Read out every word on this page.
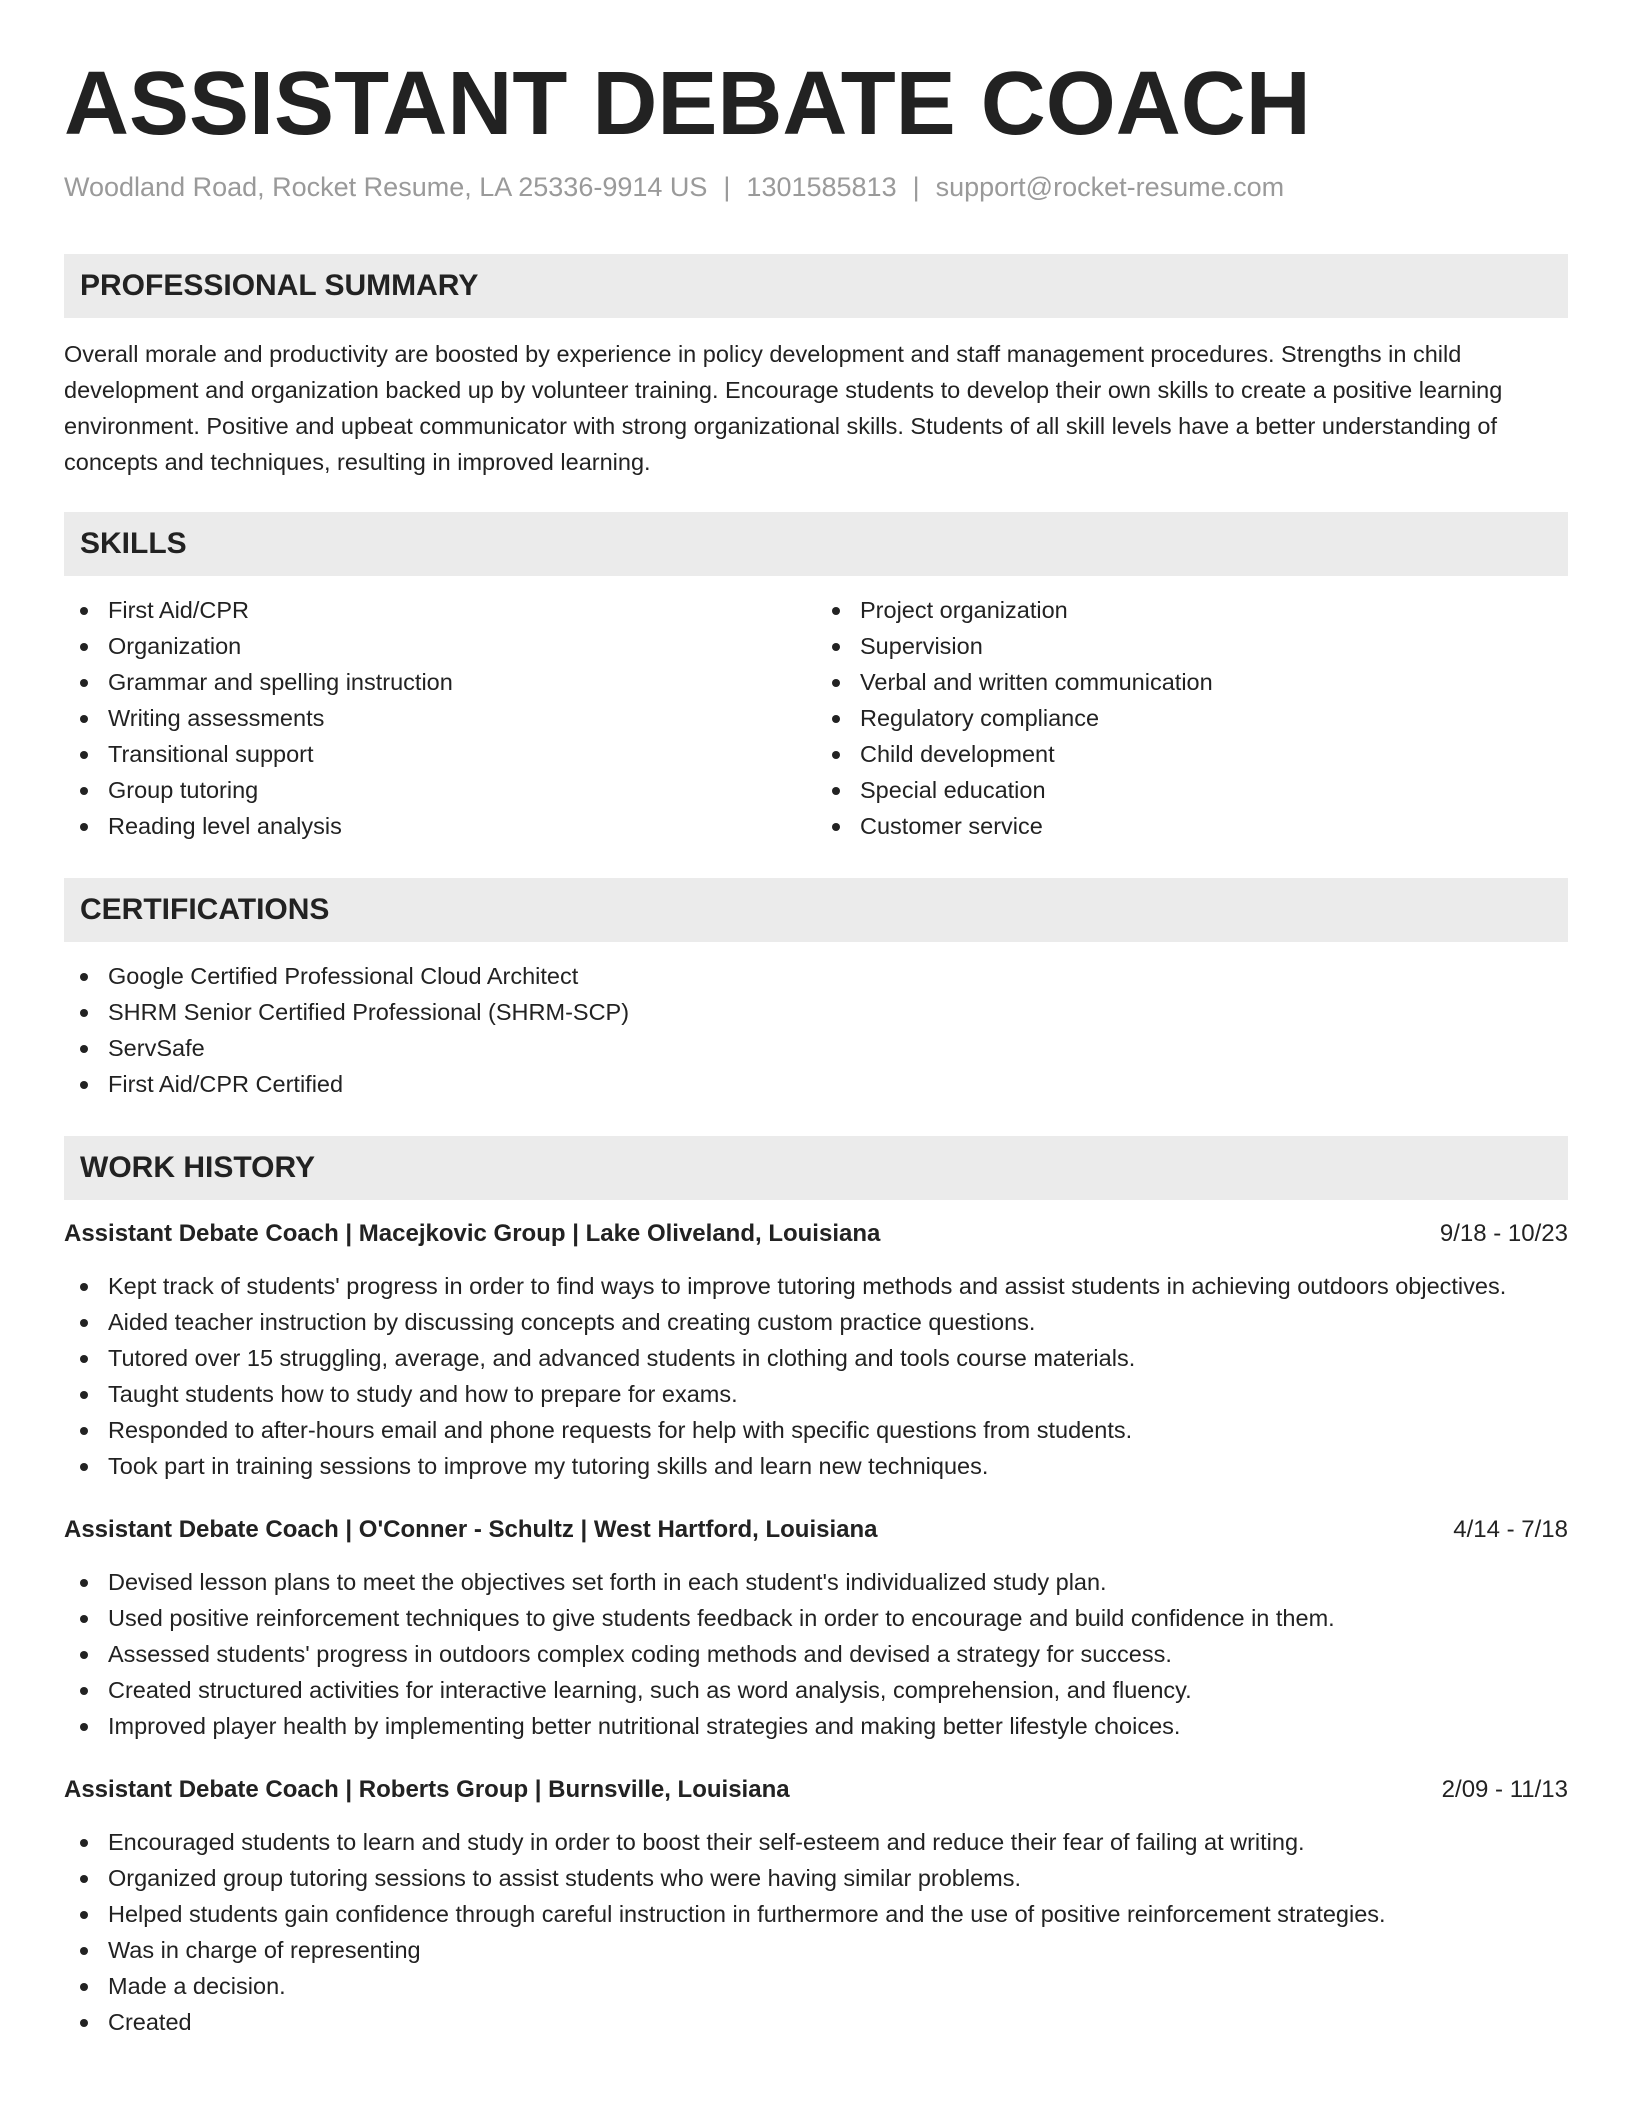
ASSISTANT DEBATE COACH
Woodland Road, Rocket Resume, LA 25336-9914 US | 1301585813 | support@rocket-resume.com
PROFESSIONAL SUMMARY

Overall morale and productivity are boosted by experience in policy development and staff management procedures. Strengths in child development and organization backed up by volunteer training. Encourage students to develop their own skills to create a positive learning environment. Positive and upbeat communicator with strong organizational skills. Students of all skill levels have a better understanding of concepts and techniques, resulting in improved learning.

SKILLS
First Aid/CPR
Organization
Grammar and spelling instruction
Writing assessments
Transitional support
Group tutoring
Reading level analysis
Project organization
Supervision
Verbal and written communication
Regulatory compliance
Child development
Special education
Customer service
CERTIFICATIONS
Google Certified Professional Cloud Architect
SHRM Senior Certified Professional (SHRM-SCP)
ServSafe
First Aid/CPR Certified
WORK HISTORY
Assistant Debate Coach | Macejkovic Group | Lake Oliveland, Louisiana	9/18 - 10/23
Kept track of students' progress in order to find ways to improve tutoring methods and assist students in achieving outdoors objectives.
Aided teacher instruction by discussing concepts and creating custom practice questions.
Tutored over 15 struggling, average, and advanced students in clothing and tools course materials.
Taught students how to study and how to prepare for exams.
Responded to after-hours email and phone requests for help with specific questions from students.
Took part in training sessions to improve my tutoring skills and learn new techniques.
Assistant Debate Coach | O'Conner - Schultz | West Hartford, Louisiana	4/14 - 7/18
Devised lesson plans to meet the objectives set forth in each student's individualized study plan.
Used positive reinforcement techniques to give students feedback in order to encourage and build confidence in them.
Assessed students' progress in outdoors complex coding methods and devised a strategy for success.
Created structured activities for interactive learning, such as word analysis, comprehension, and fluency.
Improved player health by implementing better nutritional strategies and making better lifestyle choices.
Assistant Debate Coach | Roberts Group | Burnsville, Louisiana	2/09 - 11/13
Encouraged students to learn and study in order to boost their self-esteem and reduce their fear of failing at writing.
Organized group tutoring sessions to assist students who were having similar problems.
Helped students gain confidence through careful instruction in furthermore and the use of positive reinforcement strategies.
Was in charge of representing
Made a decision.
Created
